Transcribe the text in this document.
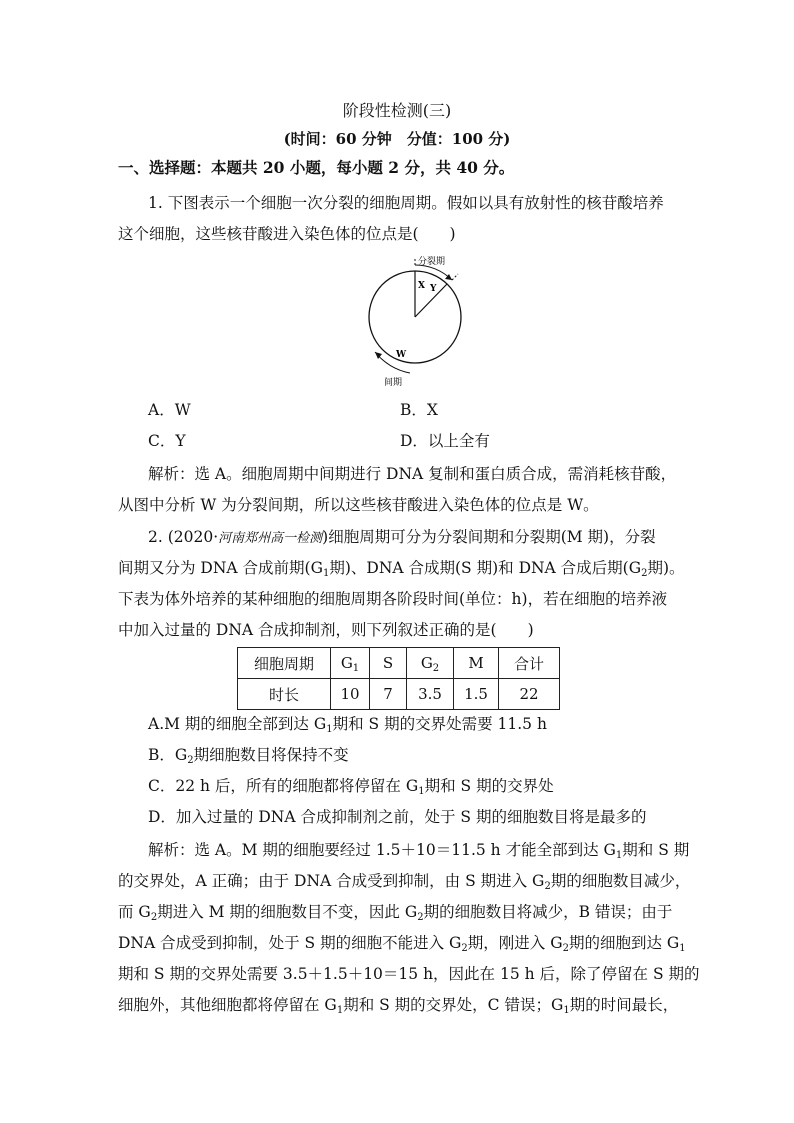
阶段性检测(三)
(时间：60 分钟　分值：100 分)
一、选择题：本题共 20 小题，每小题 2 分，共 40 分。
1. 下图表示一个细胞一次分裂的细胞周期。假如以具有放射性的核苷酸培养
这个细胞，这些核苷酸进入染色体的位点是(　　)
分裂期
X Y
W
间期
A．W	B．X
C．Y	D．以上全有
解析：选 A。细胞周期中间期进行 DNA 复制和蛋白质合成，需消耗核苷酸，
从图中分析 W 为分裂间期，所以这些核苷酸进入染色体的位点是 W。
2. (2020·河南郑州高一检测)细胞周期可分为分裂间期和分裂期(M 期)，分裂
间期又分为 DNA 合成前期($G_1$期)、DNA 合成期(S 期)和 DNA 合成后期($G_2$期)。
下表为体外培养的某种细胞的细胞周期各阶段时间(单位：h)，若在细胞的培养液
中加入过量的 DNA 合成抑制剂，则下列叙述正确的是(　　)
细胞周期	$G_1$	S	$G_2$	M	合计
时长	10	7	3.5	1.5	22
A.M 期的细胞全部到达 $G_1$期和 S 期的交界处需要 11.5 h
B．$G_2$期细胞数目将保持不变
C．22 h 后，所有的细胞都将停留在 $G_1$期和 S 期的交界处
D．加入过量的 DNA 合成抑制剂之前，处于 S 期的细胞数目将是最多的
解析：选 A。M 期的细胞要经过 1.5＋10＝11.5 h 才能全部到达 $G_1$期和 S 期
的交界处，A 正确；由于 DNA 合成受到抑制，由 S 期进入 $G_2$期的细胞数目减少，
而 $G_2$期进入 M 期的细胞数目不变，因此 $G_2$期的细胞数目将减少，B 错误；由于
DNA 合成受到抑制，处于 S 期的细胞不能进入 $G_2$期，刚进入 $G_2$期的细胞到达 $G_1$
期和 S 期的交界处需要 3.5＋1.5＋10＝15 h，因此在 15 h 后，除了停留在 S 期的
细胞外，其他细胞都将停留在 $G_1$期和 S 期的交界处，C 错误；$G_1$期的时间最长，
